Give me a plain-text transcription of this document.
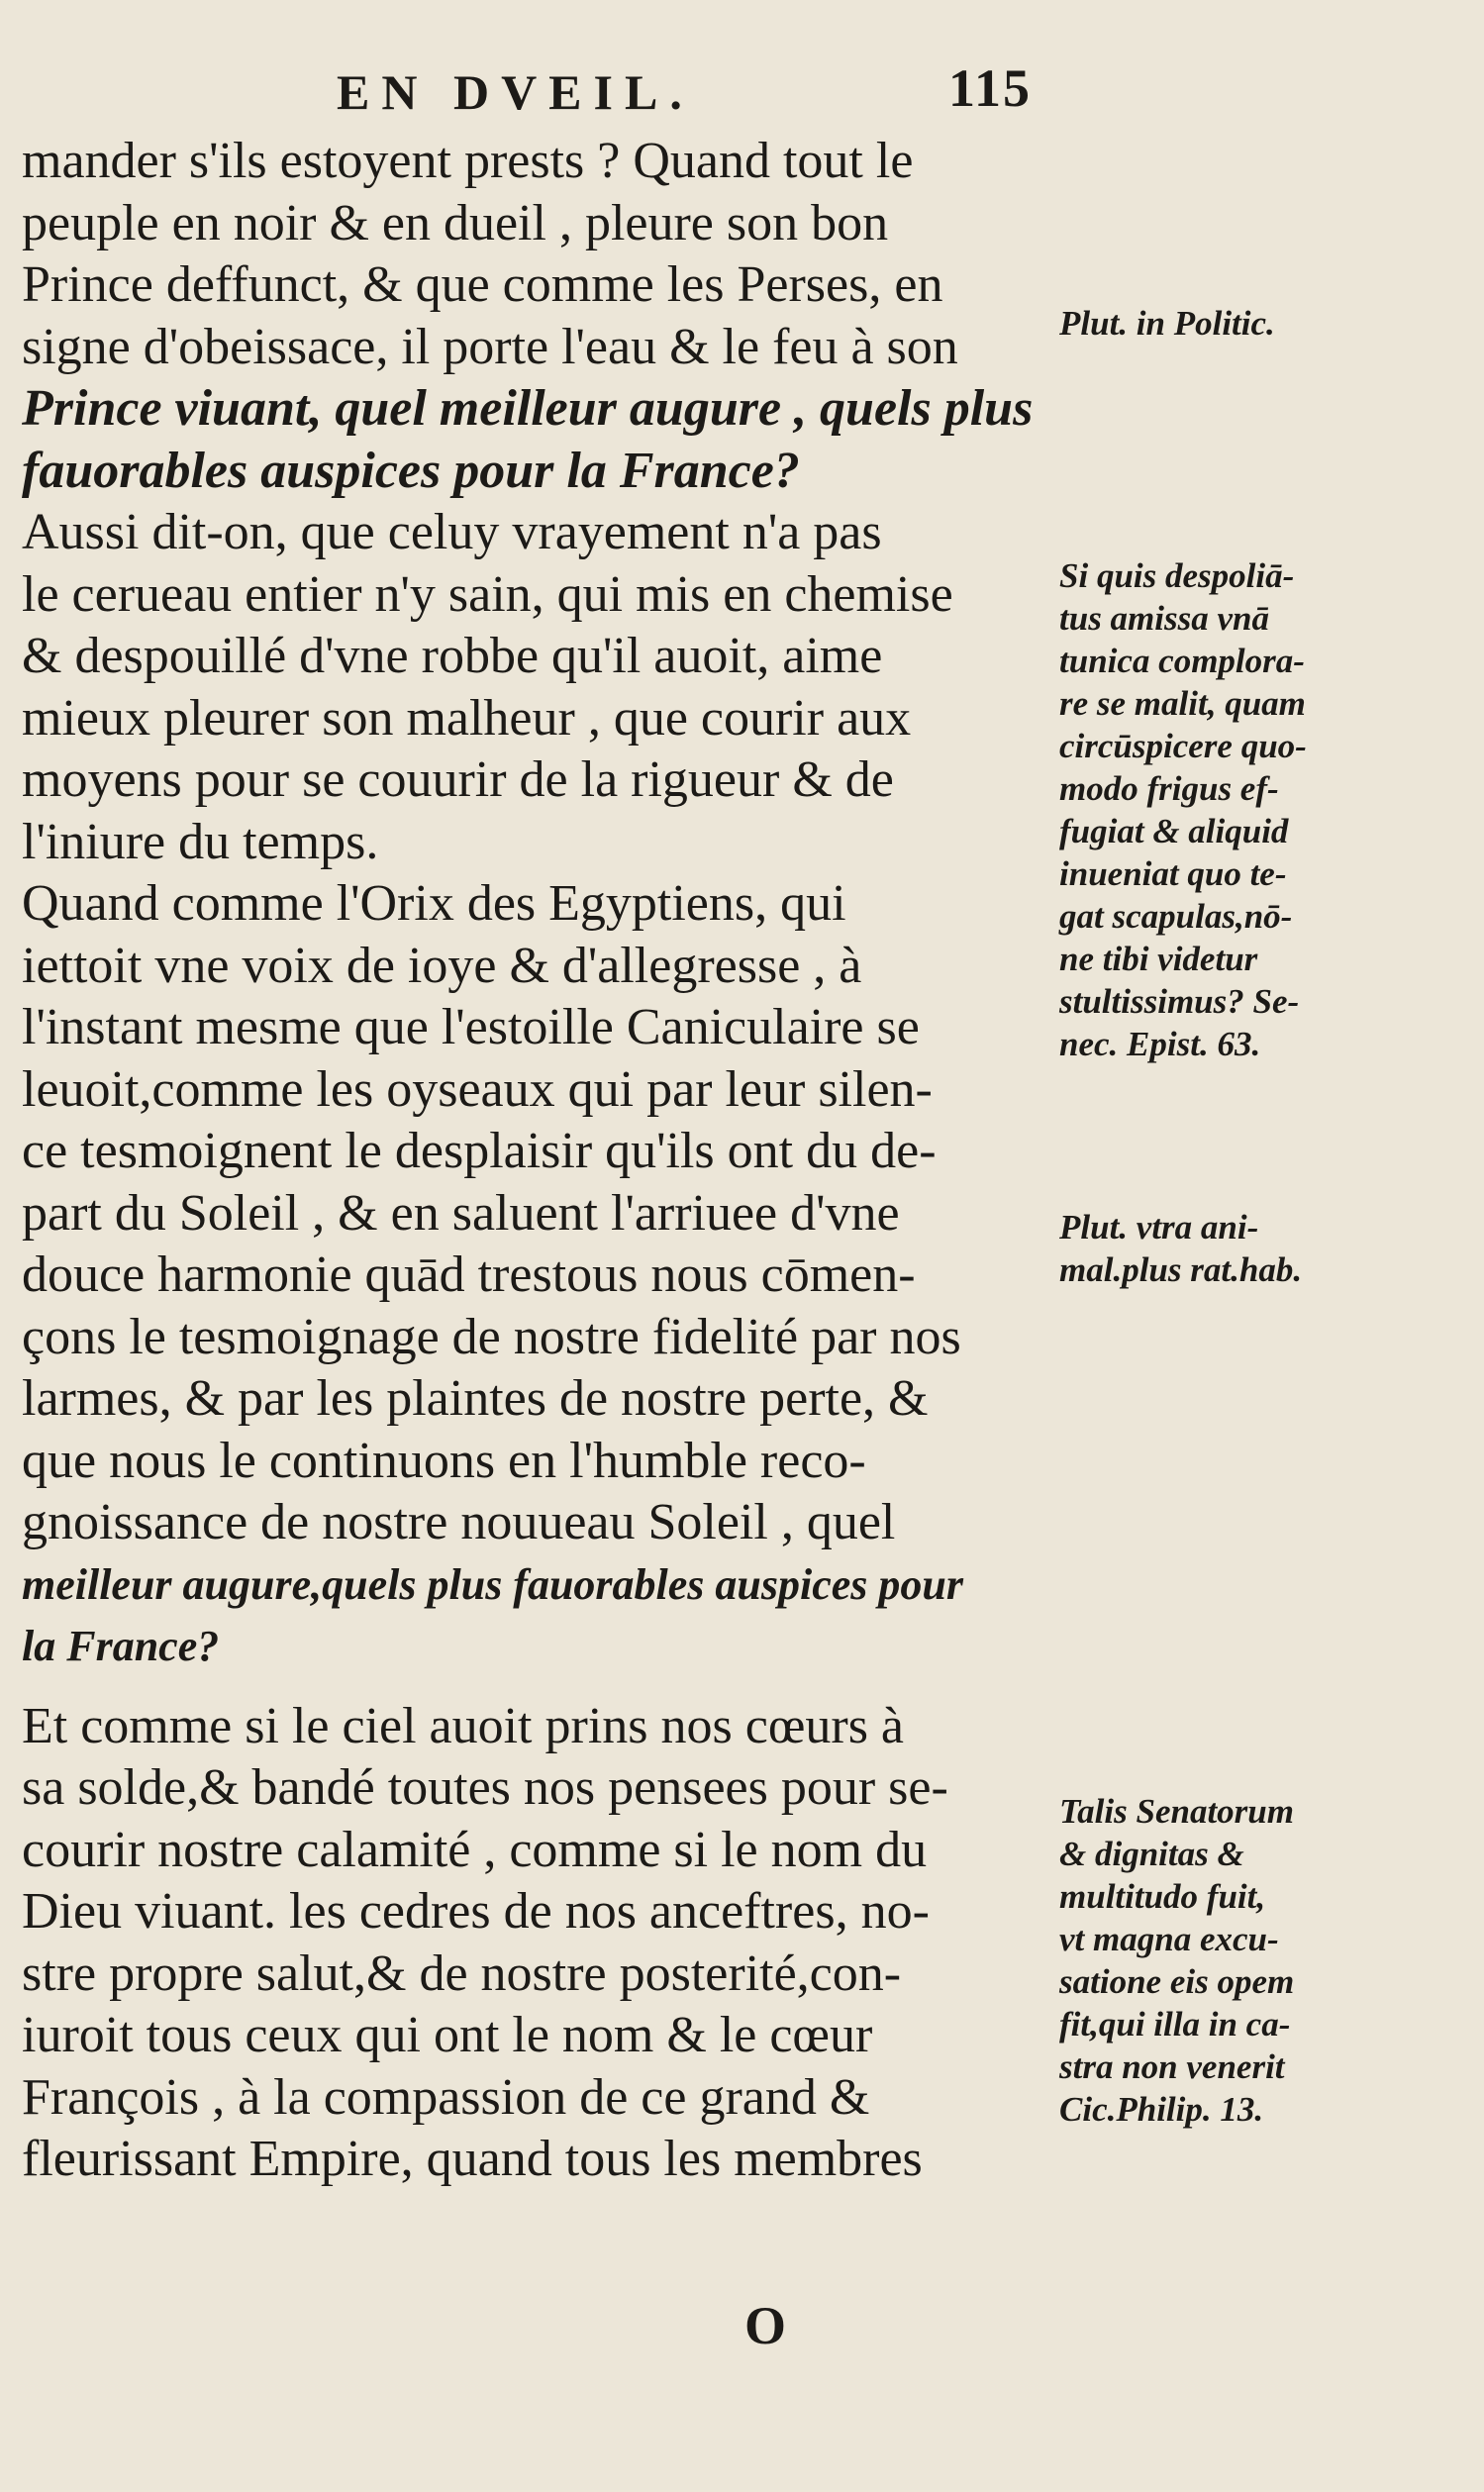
EN DVEIL.	115
mander s'ils estoyent prests ? Quand tout le
peuple en noir & en dueil , pleure son bon
Prince deffunct, & que comme les Perses, en
signe d'obeissace, il porte l'eau & le feu à son
Prince viuant, quel meilleur augure , quels plus
fauorables auspices pour la France?
Aussi dit-on, que celuy vrayement n'a pas
le cerueau entier n'y sain, qui mis en chemise
& despouillé d'vne robbe qu'il auoit, aime
mieux pleurer son malheur , que courir aux
moyens pour se couurir de la rigueur & de
l'iniure du temps.
Quand comme l'Orix des Egyptiens, qui
iettoit vne voix de ioye & d'allegresse , à
l'instant mesme que l'estoille Caniculaire se
leuoit,comme les oyseaux qui par leur silen-
ce tesmoignent le desplaisir qu'ils ont du de-
part du Soleil , & en saluent l'arriuee d'vne
douce harmonie quād trestous nous cōmen-
çons le tesmoignage de nostre fidelité par nos
larmes, & par les plaintes de nostre perte, &
que nous le continuons en l'humble reco-
gnoissance de nostre nouueau Soleil , quel
meilleur augure,quels plus fauorables auspices pour
la France?
Et comme si le ciel auoit prins nos cœurs à
sa solde,& bandé toutes nos pensees pour se-
courir nostre calamité , comme si le nom du
Dieu viuant. les cedres de nos anceftres, no-
stre propre salut,& de nostre posterité,con-
iuroit tous ceux qui ont le nom & le cœur
François , à la compassion de ce grand &
fleurissant Empire, quand tous les membres
Plut. in Politic.
Si quis despoliā-
tus amissa vnā
tunica complora-
re se malit, quam
circūspicere quo-
modo frigus ef-
fugiat & aliquid
inueniat quo te-
gat scapulas,nō-
ne tibi videtur
stultissimus? Se-
nec. Epist. 63.
Plut. vtra ani-
mal.plus rat.hab.
Talis Senatorum
& dignitas &
multitudo fuit,
vt magna excu-
satione eis opem
fit,qui illa in ca-
stra non venerit
Cic.Philip. 13.
O
